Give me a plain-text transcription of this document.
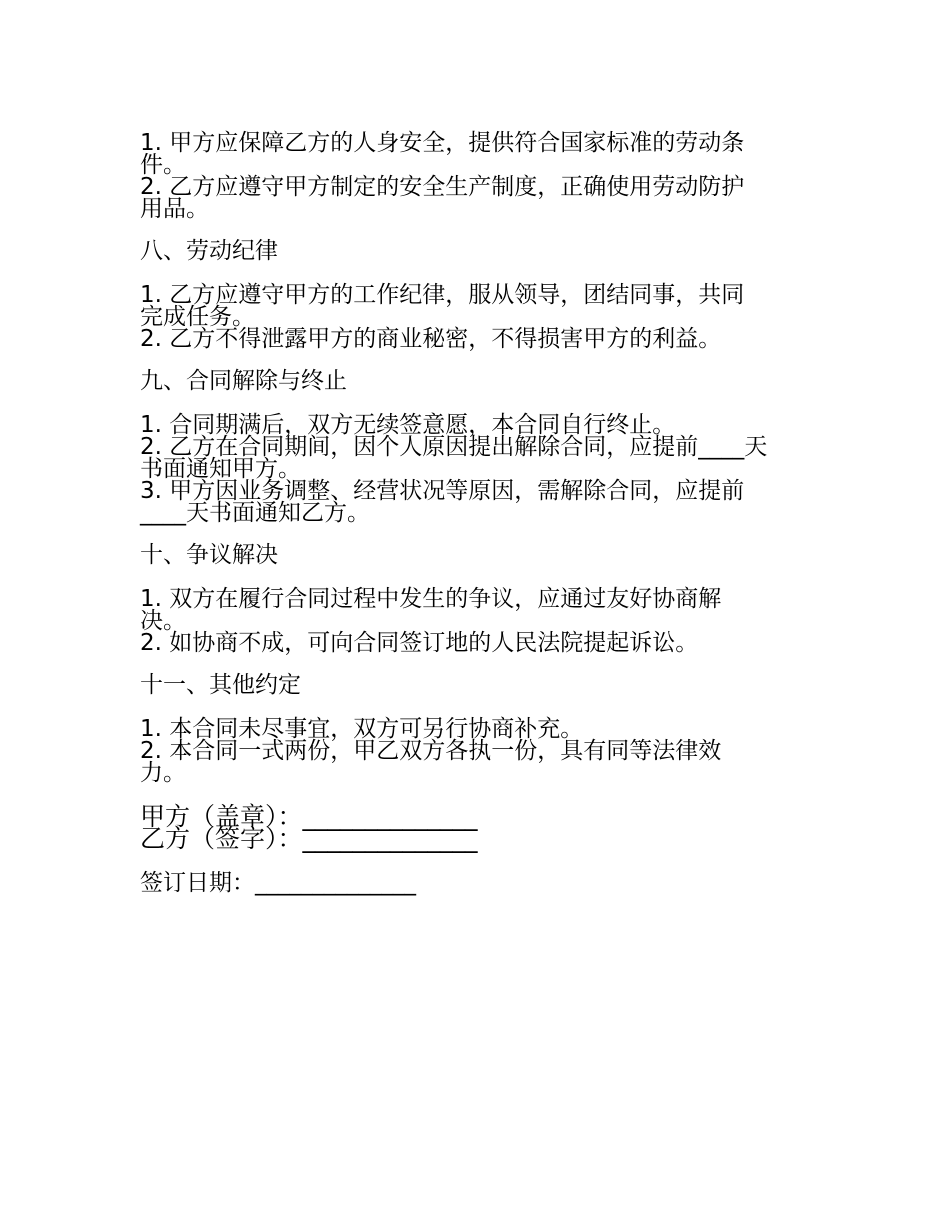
1. 甲方应保障乙方的人身安全，提供符合国家标准的劳动条

件。

2. 乙方应遵守甲方制定的安全生产制度，正确使用劳动防护

用品。

八、劳动纪律

1. 乙方应遵守甲方的工作纪律，服从领导，团结同事，共同

完成任务。

2. 乙方不得泄露甲方的商业秘密，不得损害甲方的利益。

九、合同解除与终止

1. 合同期满后，双方无续签意愿，本合同自行终止。

2. 乙方在合同期间，因个人原因提出解除合同，应提前____天

书面通知甲方。

3. 甲方因业务调整、经营状况等原因，需解除合同，应提前

____天书面通知乙方。

十、争议解决

1. 双方在履行合同过程中发生的争议，应通过友好协商解

决。

2. 如协商不成，可向合同签订地的人民法院提起诉讼。

十一、其他约定

1. 本合同未尽事宜，双方可另行协商补充。

2. 本合同一式两份，甲乙双方各执一份，具有同等法律效

力。

甲方（盖章）：______________

乙方（签字）：______________

签订日期：______________
